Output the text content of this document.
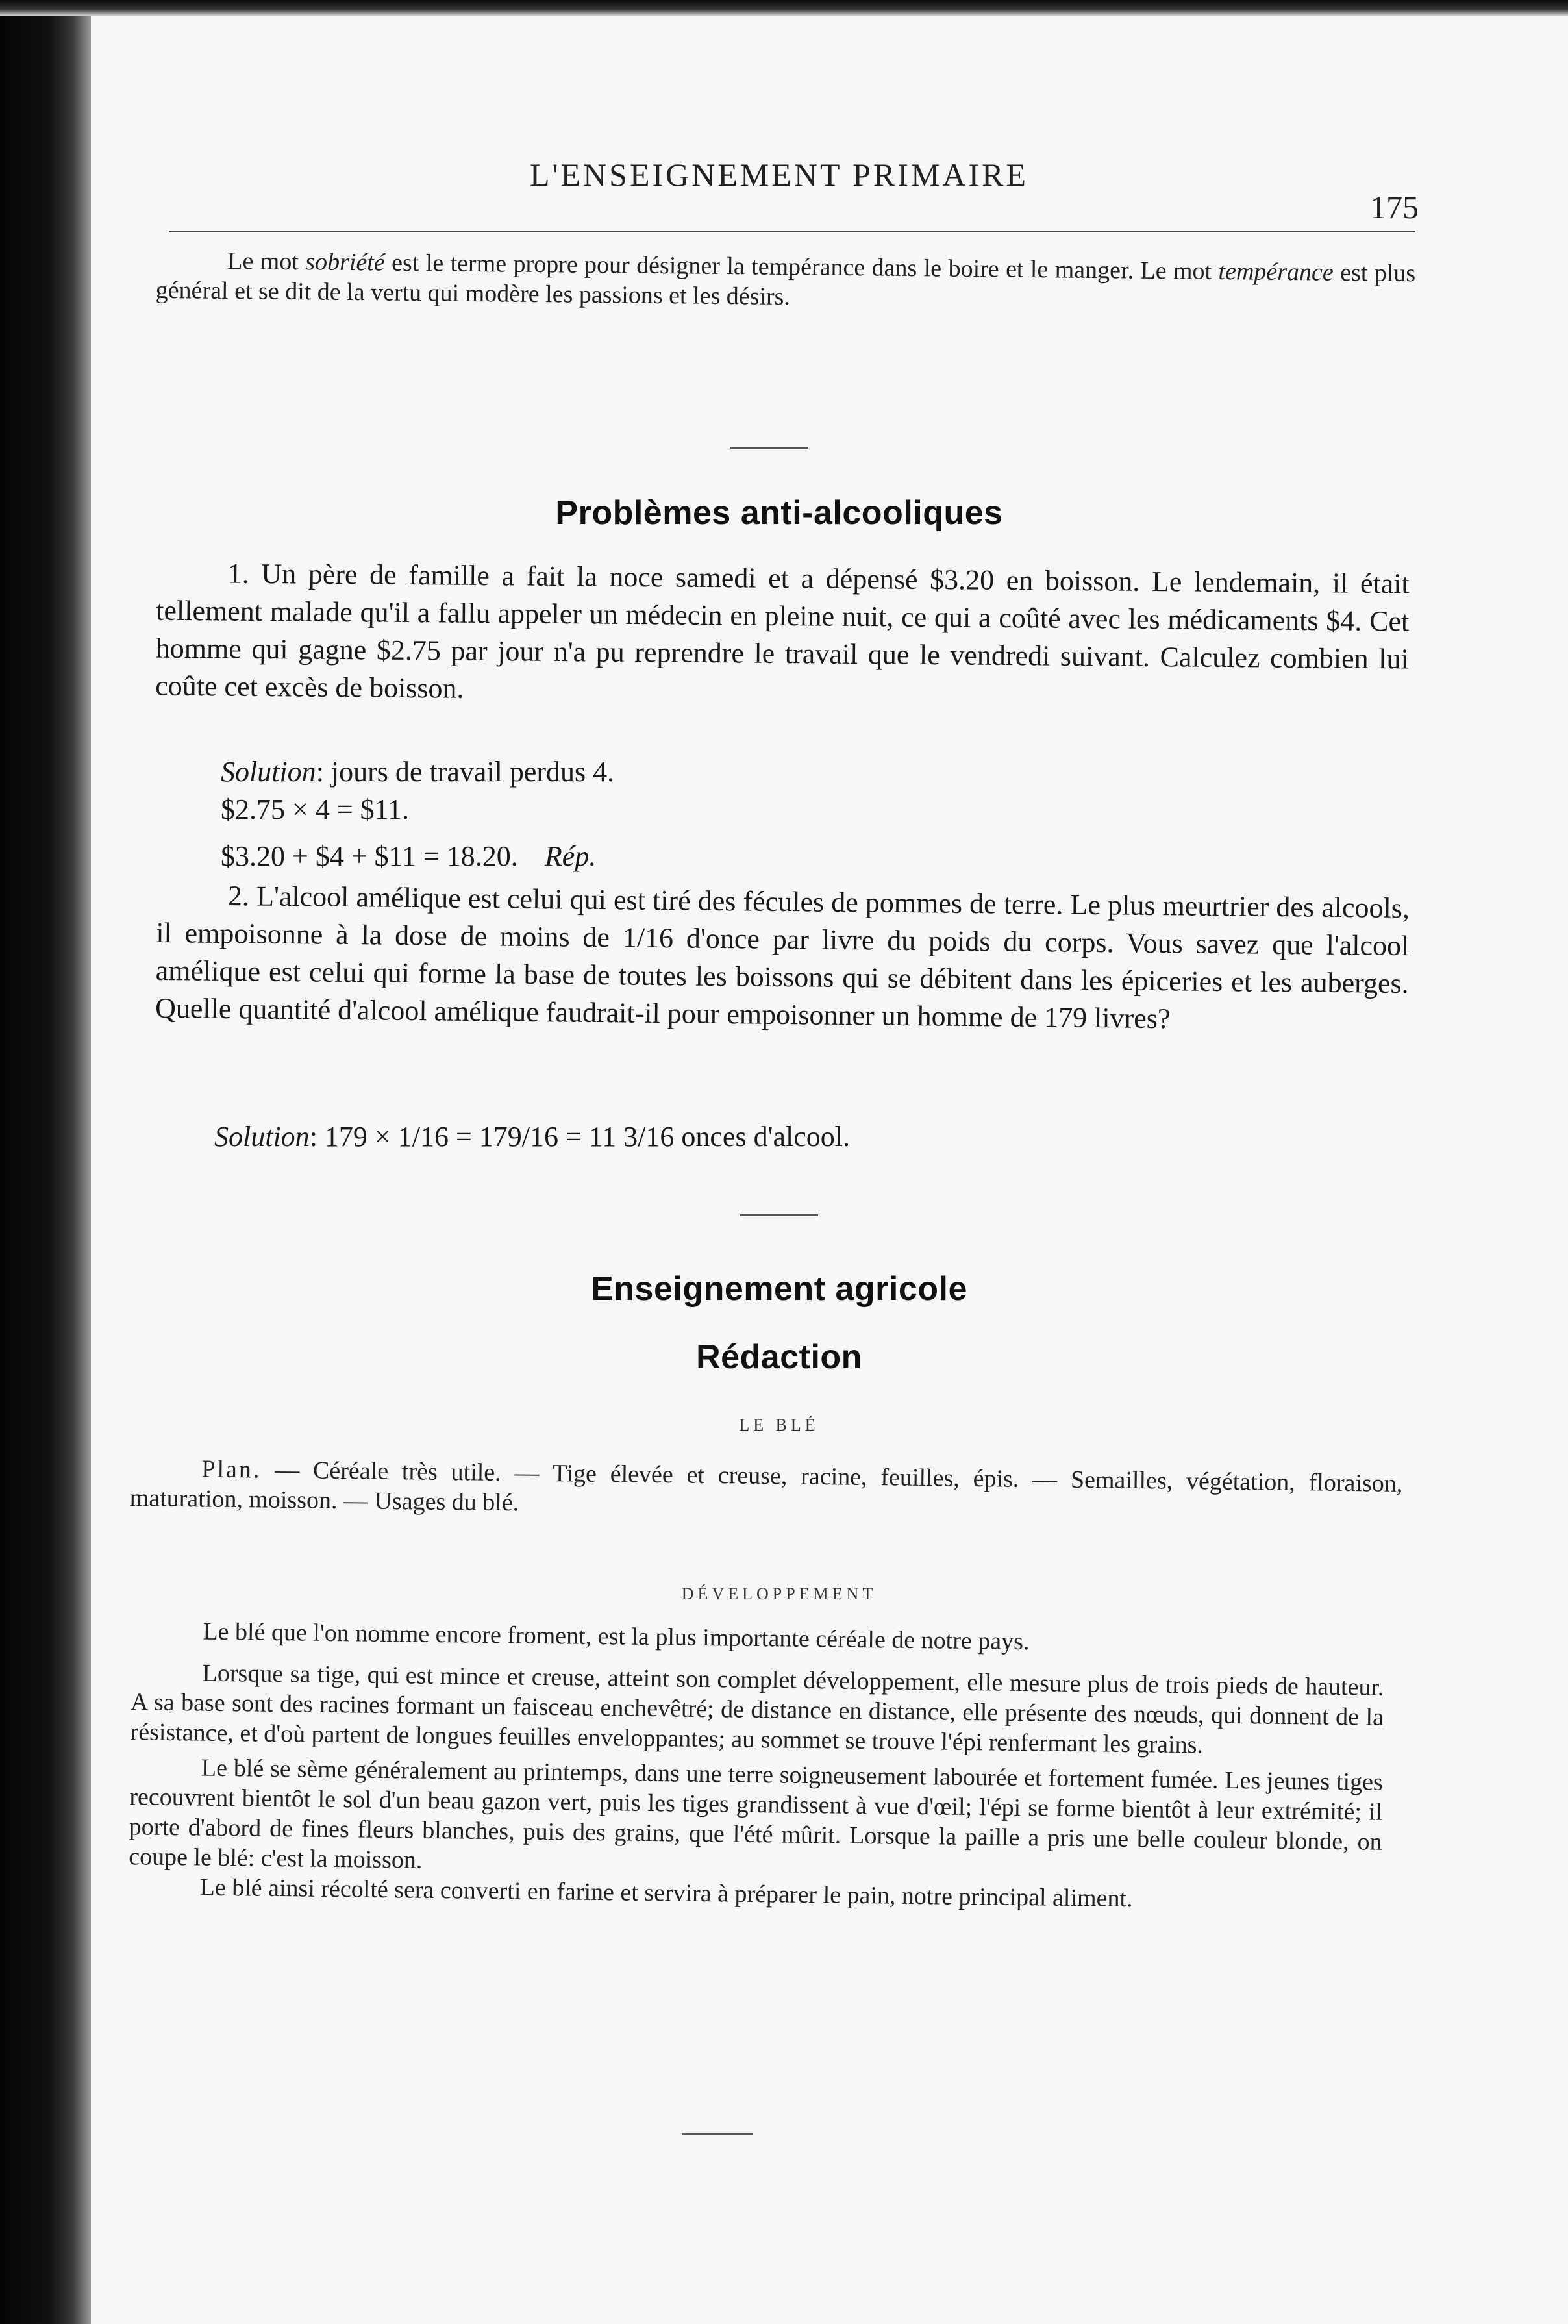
L'ENSEIGNEMENT PRIMAIRE
175
Le mot sobriété est le terme propre pour désigner la tempérance dans le boire et le manger. Le mot tempérance est plus général et se dit de la vertu qui modère les passions et les désirs.
Problèmes anti-alcooliques
1. Un père de famille a fait la noce samedi et a dépensé $3.20 en boisson. Le lendemain, il était tellement malade qu'il a fallu appeler un médecin en pleine nuit, ce qui a coûté avec les médicaments $4. Cet homme qui gagne $2.75 par jour n'a pu reprendre le travail que le vendredi suivant. Calculez combien lui coûte cet excès de boisson.
Solution: jours de travail perdus 4.
$2.75 × 4 = $11.
$3.20 + $4 + $11 = 18.20. Rép.
2. L'alcool amélique est celui qui est tiré des fécules de pommes de terre. Le plus meurtrier des alcools, il empoisonne à la dose de moins de 1/16 d'once par livre du poids du corps. Vous savez que l'alcool amélique est celui qui forme la base de toutes les boissons qui se débitent dans les épiceries et les auberges. Quelle quantité d'alcool amélique faudrait-il pour empoisonner un homme de 179 livres?
Solution: 179 × 1/16 = 179/16 = 11 3/16 onces d'alcool.
Enseignement agricole
Rédaction
LE BLÉ
Plan. — Céréale très utile. — Tige élevée et creuse, racine, feuilles, épis. — Semailles, végétation, floraison, maturation, moisson. — Usages du blé.
DÉVELOPPEMENT
Le blé que l'on nomme encore froment, est la plus importante céréale de notre pays.
Lorsque sa tige, qui est mince et creuse, atteint son complet développement, elle mesure plus de trois pieds de hauteur. A sa base sont des racines formant un faisceau enchevêtré; de distance en distance, elle présente des nœuds, qui donnent de la résistance, et d'où partent de longues feuilles enveloppantes; au sommet se trouve l'épi renfermant les grains.
Le blé se sème généralement au printemps, dans une terre soigneusement labourée et fortement fumée. Les jeunes tiges recouvrent bientôt le sol d'un beau gazon vert, puis les tiges grandissent à vue d'œil; l'épi se forme bientôt à leur extrémité; il porte d'abord de fines fleurs blanches, puis des grains, que l'été mûrit. Lorsque la paille a pris une belle couleur blonde, on coupe le blé: c'est la moisson.
Le blé ainsi récolté sera converti en farine et servira à préparer le pain, notre principal aliment.
